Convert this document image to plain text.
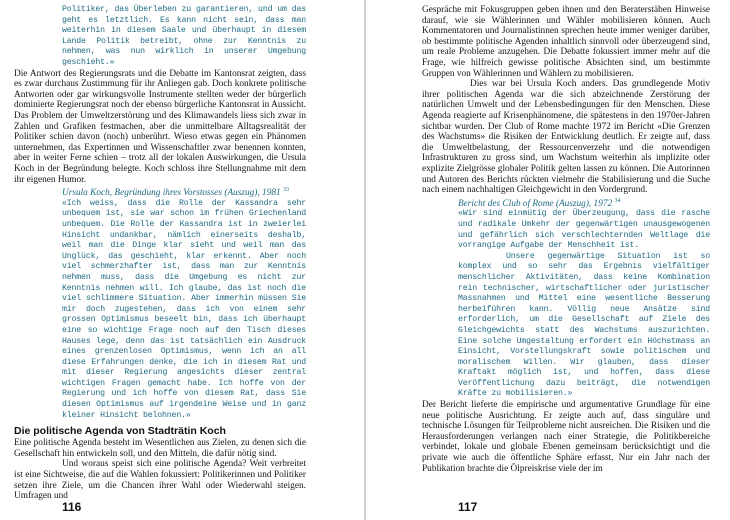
Politiker, das Überleben zu garantieren, und um das geht es letztlich. Es kann nicht sein, dass man weiterhin in diesem Saale und überhaupt in diesem Lande Politik betreibt, ohne zur Kenntnis zu nehmen, was nun wirklich in unserer Umgebung geschieht.»

Die Antwort des Regierungsrats und die Debatte im Kantonsrat zeigten, dass es zwar durchaus Zustimmung für ihr Anliegen gab. Doch konkrete politische Antworten oder gar wirkungsvolle Instrumente stellten weder der bürgerlich dominierte Regierungsrat noch der ebenso bürgerliche Kantonsrat in Aussicht. Das Problem der Umweltzerstörung und des Klimawandels liess sich zwar in Zahlen und Grafiken festmachen, aber die unmittelbare Alltagsrealität der Politiker schien davon (noch) unberührt. Wieso etwas gegen ein Phänomen unternehmen, das Expertinnen und Wissenschaftler zwar benennen konnten, aber in weiter Ferne schien – trotz all der lokalen Auswirkungen, die Ursula Koch in der Begründung belegte. Koch schloss ihre Stellungnahme mit dem ihr eigenen Humor.

Ursula Koch, Begründung ihres Vorstosses (Auszug), 1981 $^{33}$

«Ich weiss, dass die Rolle der Kassandra sehr unbequem ist, sie war schon im frühen Griechenland unbequem. Die Rolle der Kassandra ist in zweierlei Hinsicht undankbar, nämlich einerseits deshalb, weil man die Dinge klar sieht und weil man das Unglück, das geschieht, klar erkennt. Aber noch viel schmerzhafter ist, dass man zur Kenntnis nehmen muss, dass die Umgebung es nicht zur Kenntnis nehmen will. Ich glaube, das ist noch die viel schlimmere Situation. Aber immerhin müssen Sie mir doch zugestehen, dass ich von einem sehr grossen Optimismus beseelt bin, dass ich überhaupt eine so wichtige Frage noch auf den Tisch dieses Hauses lege, denn das ist tatsächlich ein Ausdruck eines grenzenlosen Optimismus, wenn ich an all diese Erfahrungen denke, die ich in diesem Rat und mit dieser Regierung angesichts dieser zentral wichtigen Fragen gemacht habe. Ich hoffe von der Regierung und ich hoffe von diesem Rat, dass Sie diesen Optimismus auf irgendeine Weise und in ganz kleiner Hinsicht belohnen.»

Die politische Agenda von Stadträtin Koch

Eine politische Agenda besteht im Wesentlichen aus Zielen, zu denen sich die Gesellschaft hin entwickeln soll, und den Mitteln, die dafür nötig sind.

Und woraus speist sich eine politische Agenda? Weit verbreitet ist eine Sichtweise, die auf die Wahlen fokussiert: Politikerinnen und Politiker setzen ihre Ziele, um die Chancen ihrer Wahl oder Wiederwahl steigen. Umfragen und

116

Gespräche mit Fokusgruppen geben ihnen und den Beraterstäben Hinweise darauf, wie sie Wählerinnen und Wähler mobilisieren können. Auch Kommentatoren und Journalistinnen sprechen heute immer weniger darüber, ob bestimmte politische Agenden inhaltlich sinnvoll oder überzeugend sind, um reale Probleme anzugehen. Die Debatte fokussiert immer mehr auf die Frage, wie hilfreich gewisse politische Absichten sind, um bestimmte Gruppen von Wählerinnen und Wählern zu mobilisieren.

Dies war bei Ursula Koch anders. Das grundlegende Motiv ihrer politischen Agenda war die sich abzeichnende Zerstörung der natürlichen Umwelt und der Lebensbedingungen für den Menschen. Diese Agenda reagierte auf Krisenphänomene, die spätestens in den 1970er-Jahren sichtbar wurden. Der Club of Rome machte 1972 im Bericht «Die Grenzen des Wachstums» die Risiken der Entwicklung deutlich. Er zeigte auf, dass die Umweltbelastung, der Ressourcenverzehr und die notwendigen Infrastrukturen zu gross sind, um Wachstum weiterhin als implizite oder explizite Zielgrösse globaler Politik gelten lassen zu können. Die Autorinnen und Autoren des Berichts rückten vielmehr die Stabilisierung und die Suche nach einem nachhaltigen Gleichgewicht in den Vordergrund.

Bericht des Club of Rome (Auszug), 1972 $^{34}$

«Wir sind einmütig der Überzeugung, dass die rasche und radikale Umkehr der gegenwärtigen unausgewogenen und gefährlich sich verschlechternden Weltlage die vorrangige Aufgabe der Menschheit ist.

Unsere gegenwärtige Situation ist so komplex und so sehr das Ergebnis vielfältiger menschlicher Aktivitäten, dass keine Kombination rein technischer, wirtschaftlicher oder juristischer Massnahmen und Mittel eine wesentliche Besserung herbeiführen kann. Völlig neue Ansätze sind erforderlich, um die Gesellschaft auf Ziele des Gleichgewichts statt des Wachstums auszurichten. Eine solche Umgestaltung erfordert ein Höchstmass an Einsicht, Vorstellungskraft sowie politischem und moralischem Willen. Wir glauben, dass dieser Kraftakt möglich ist, und hoffen, dass diese Veröffentlichung dazu beiträgt, die notwendigen Kräfte zu mobilisieren.»

Der Bericht lieferte die empirische und argumentative Grundlage für eine neue politische Ausrichtung. Er zeigte auch auf, dass singuläre und technische Lösungen für Teilprobleme nicht ausreichen. Die Risiken und die Herausforderungen verlangen nach einer Strategie, die Politikbereiche verbindet, lokale und globale Ebenen gemeinsam berücksichtigt und die private wie auch die öffentliche Sphäre erfasst. Nur ein Jahr nach der Publikation brachte die Ölpreiskrise viele der im

117
